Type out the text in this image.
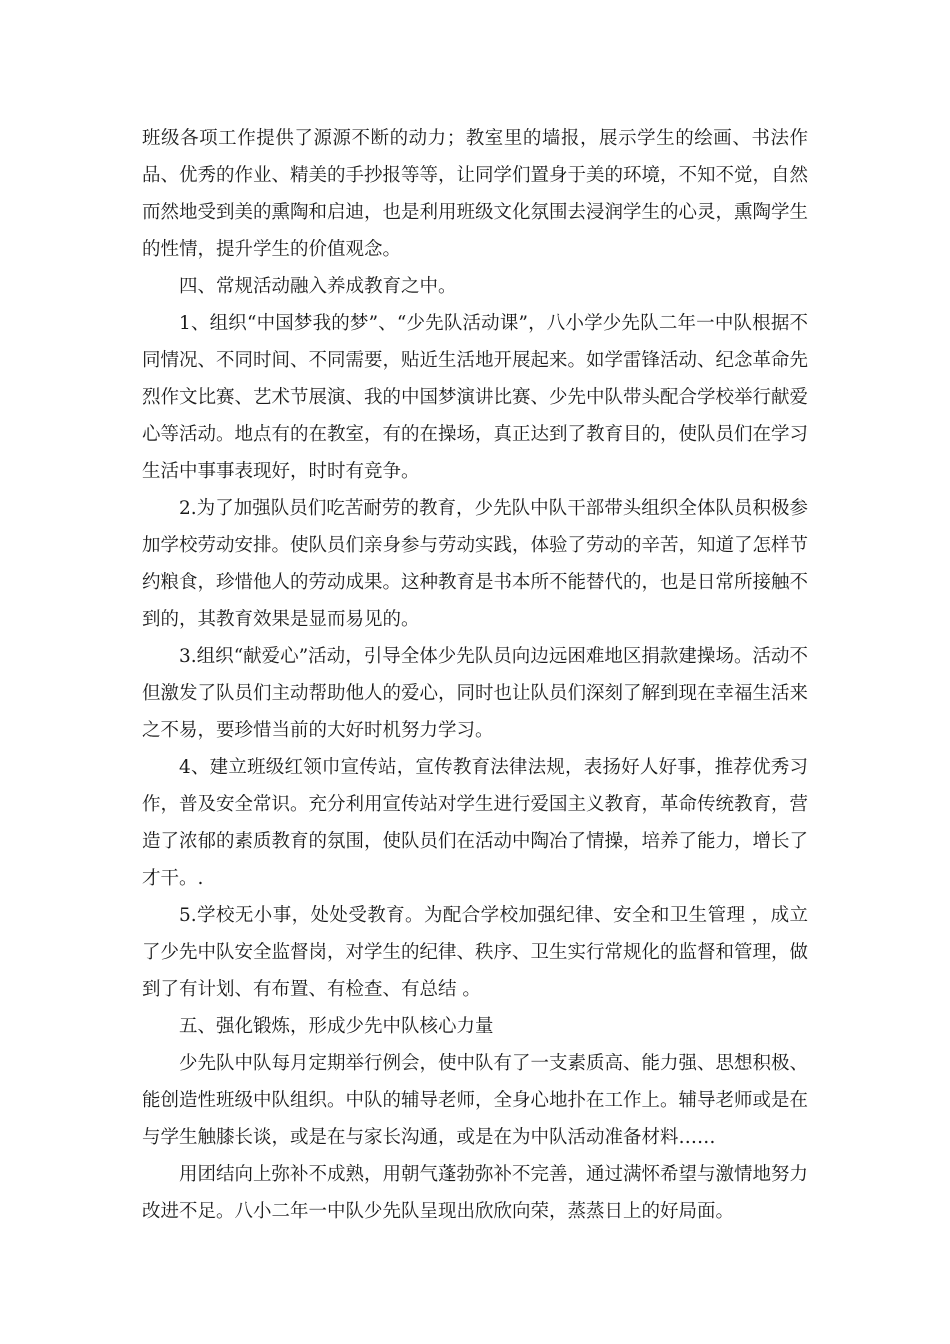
班级各项工作提供了源源不断的动力；教室里的墙报，展示学生的绘画、书法作品、优秀的作业、精美的手抄报等等，让同学们置身于美的环境，不知不觉，自然而然地受到美的熏陶和启迪，也是利用班级文化氛围去浸润学生的心灵，熏陶学生的性情，提升学生的价值观念。

四、常规活动融入养成教育之中。

1、组织“中国梦我的梦”、“少先队活动课”，八小学少先队二年一中队根据不同情况、不同时间、不同需要，贴近生活地开展起来。如学雷锋活动、纪念革命先烈作文比赛、艺术节展演、我的中国梦演讲比赛、少先中队带头配合学校举行献爱心等活动。地点有的在教室，有的在操场，真正达到了教育目的，使队员们在学习生活中事事表现好，时时有竞争。

2.为了加强队员们吃苦耐劳的教育，少先队中队干部带头组织全体队员积极参加学校劳动安排。使队员们亲身参与劳动实践，体验了劳动的辛苦，知道了怎样节约粮食，珍惜他人的劳动成果。这种教育是书本所不能替代的，也是日常所接触不到的，其教育效果是显而易见的。

3.组织“献爱心”活动，引导全体少先队员向边远困难地区捐款建操场。活动不但激发了队员们主动帮助他人的爱心，同时也让队员们深刻了解到现在幸福生活来之不易，要珍惜当前的大好时机努力学习。

4、建立班级红领巾宣传站，宣传教育法律法规，表扬好人好事，推荐优秀习作，普及安全常识。充分利用宣传站对学生进行爱国主义教育，革命传统教育，营造了浓郁的素质教育的氛围，使队员们在活动中陶冶了情操，培养了能力，增长了才干。.

5.学校无小事，处处受教育。为配合学校加强纪律、安全和卫生管理 ，成立了少先中队安全监督岗，对学生的纪律、秩序、卫生实行常规化的监督和管理，做到了有计划、有布置、有检查、有总结 。

五、强化锻炼，形成少先中队核心力量

少先队中队每月定期举行例会，使中队有了一支素质高、能力强、思想积极、能创造性班级中队组织。中队的辅导老师，全身心地扑在工作上。辅导老师或是在与学生触膝长谈，或是在与家长沟通，或是在为中队活动准备材料……

用团结向上弥补不成熟，用朝气蓬勃弥补不完善，通过满怀希望与激情地努力改进不足。八小二年一中队少先队呈现出欣欣向荣，蒸蒸日上的好局面。
